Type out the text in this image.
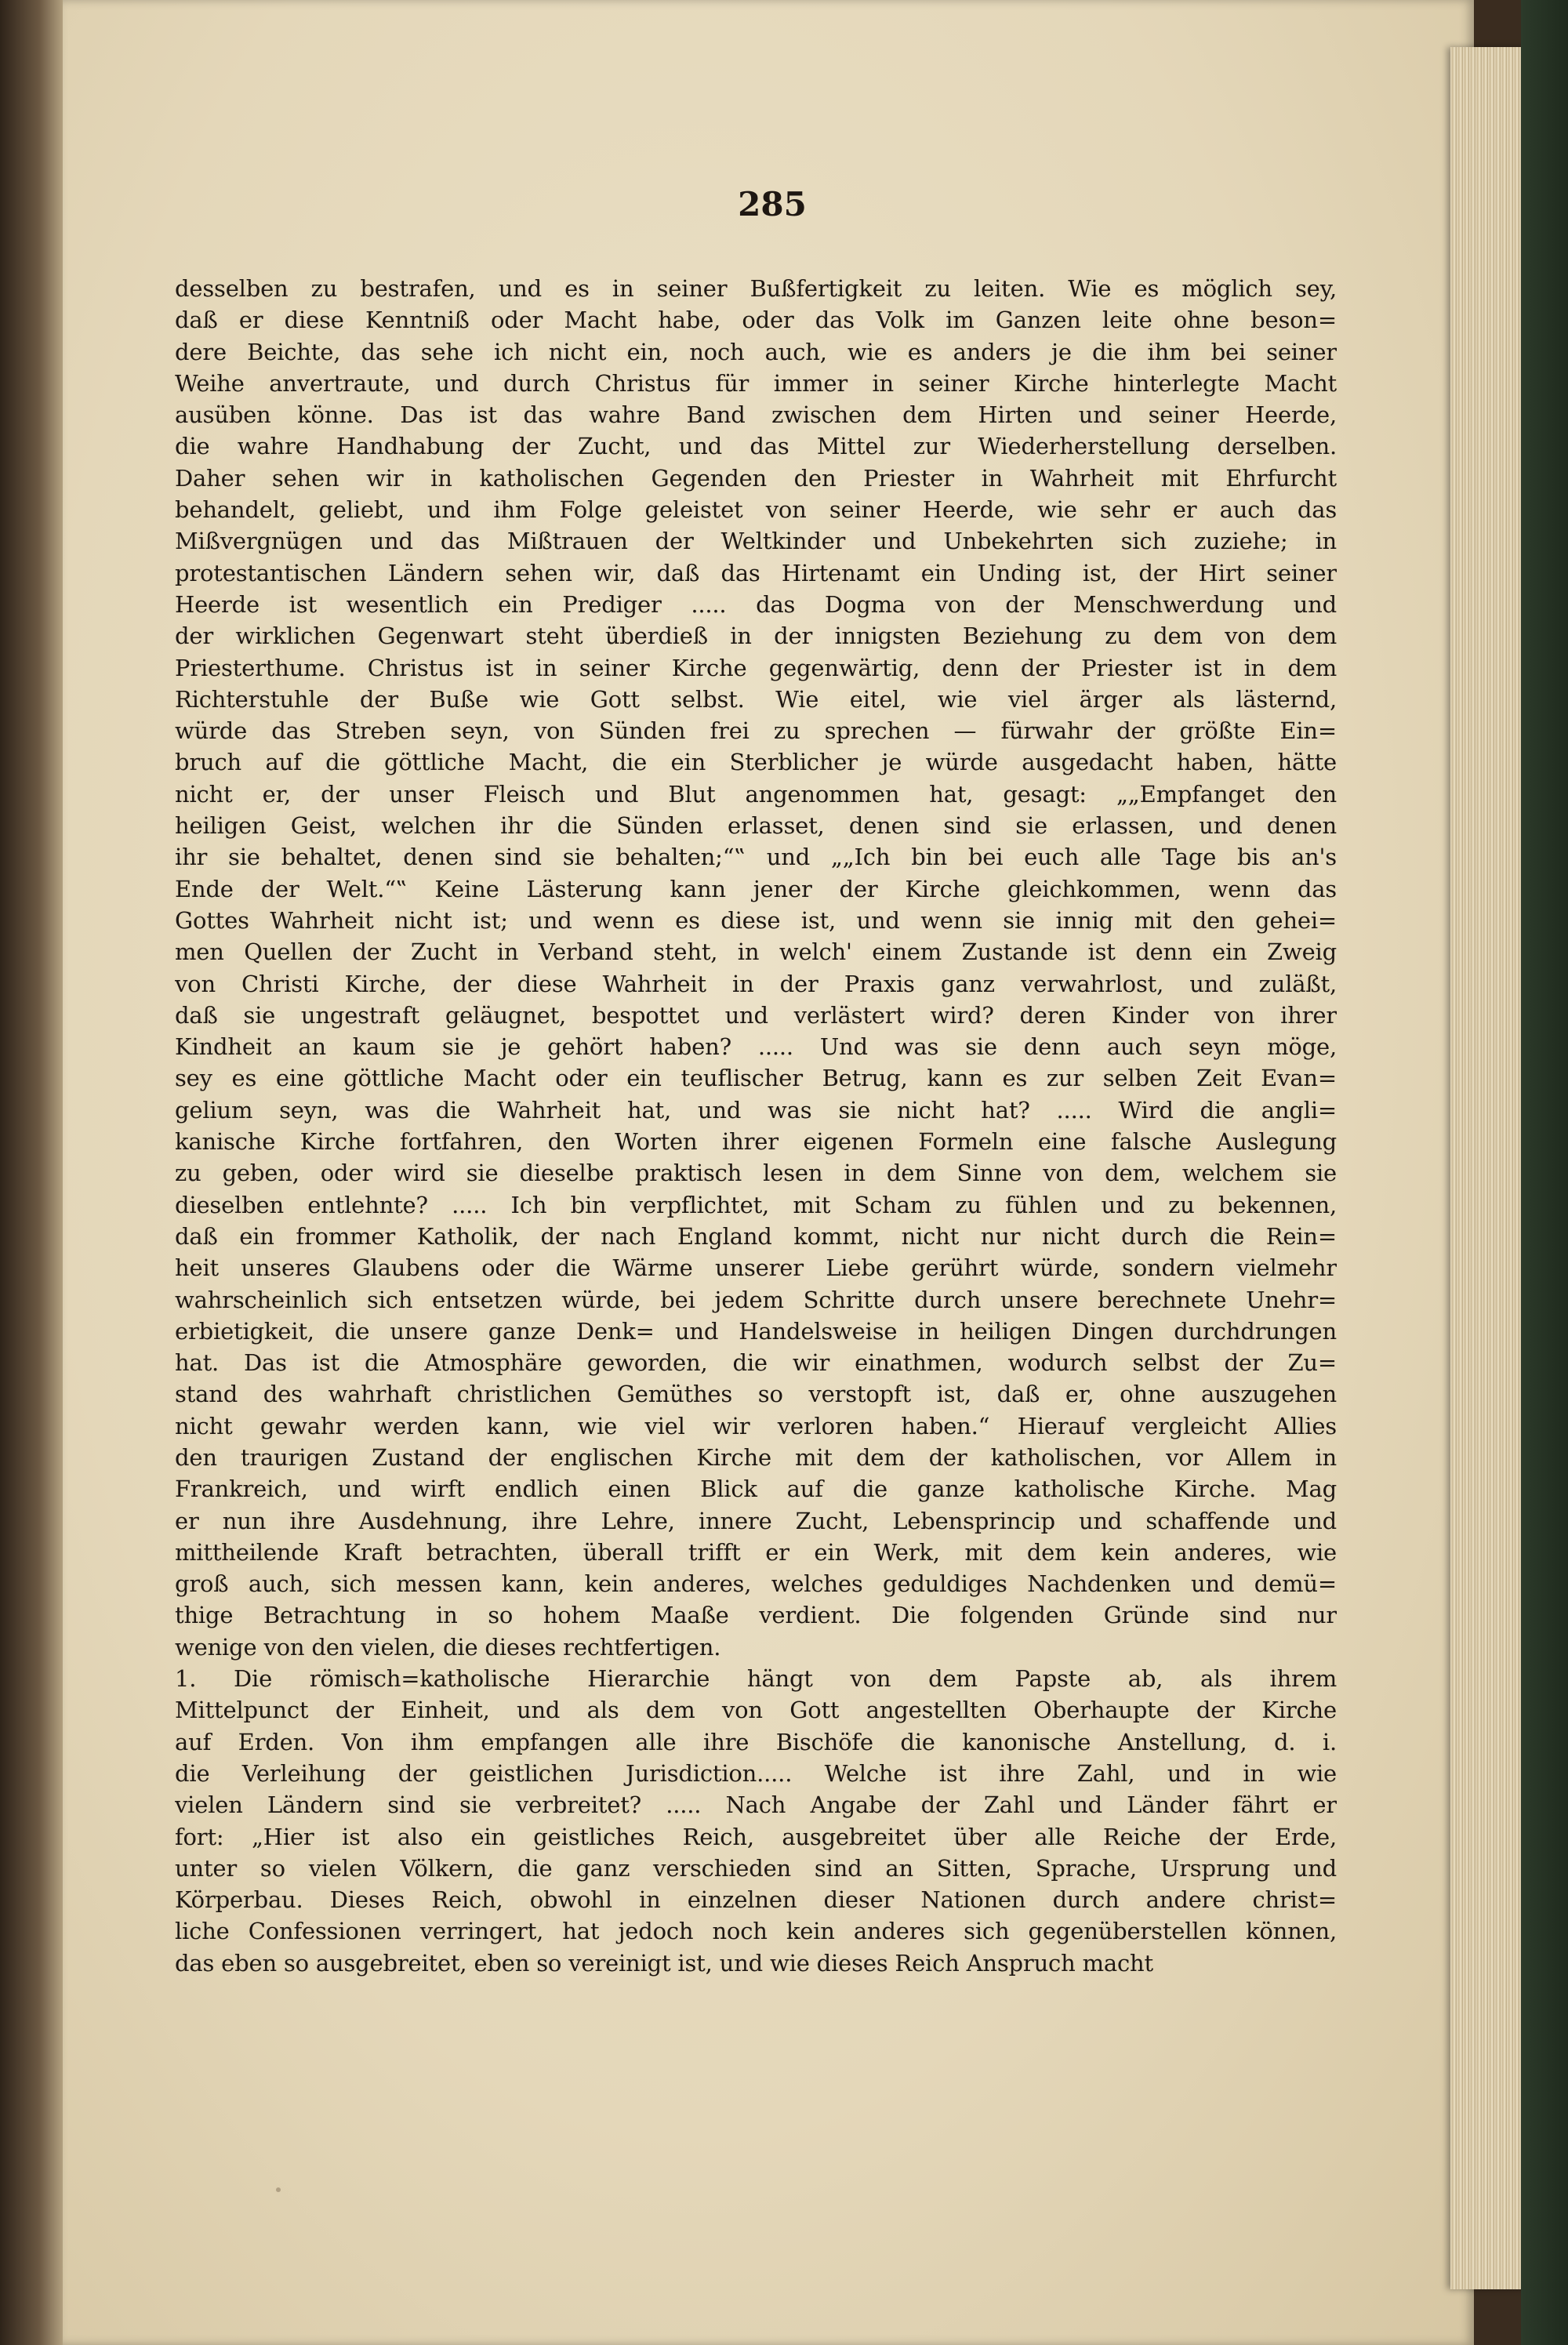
285
desselben zu bestrafen, und es in seiner Bußfertigkeit zu leiten. Wie es möglich sey,
daß er diese Kenntniß oder Macht habe, oder das Volk im Ganzen leite ohne beson=
dere Beichte, das sehe ich nicht ein, noch auch, wie es anders je die ihm bei seiner
Weihe anvertraute, und durch Christus für immer in seiner Kirche hinterlegte Macht
ausüben könne. Das ist das wahre Band zwischen dem Hirten und seiner Heerde,
die wahre Handhabung der Zucht, und das Mittel zur Wiederherstellung derselben.
Daher sehen wir in katholischen Gegenden den Priester in Wahrheit mit Ehrfurcht
behandelt, geliebt, und ihm Folge geleistet von seiner Heerde, wie sehr er auch das
Mißvergnügen und das Mißtrauen der Weltkinder und Unbekehrten sich zuziehe; in
protestantischen Ländern sehen wir, daß das Hirtenamt ein Unding ist, der Hirt seiner
Heerde ist wesentlich ein Prediger ..... das Dogma von der Menschwerdung und
der wirklichen Gegenwart steht überdieß in der innigsten Beziehung zu dem von dem
Priesterthume. Christus ist in seiner Kirche gegenwärtig, denn der Priester ist in dem
Richterstuhle der Buße wie Gott selbst. Wie eitel, wie viel ärger als lästernd,
würde das Streben seyn, von Sünden frei zu sprechen — fürwahr der größte Ein=
bruch auf die göttliche Macht, die ein Sterblicher je würde ausgedacht haben, hätte
nicht er, der unser Fleisch und Blut angenommen hat, gesagt: „„Empfanget den
heiligen Geist, welchen ihr die Sünden erlasset, denen sind sie erlassen, und denen
ihr sie behaltet, denen sind sie behalten;“‟ und „„Ich bin bei euch alle Tage bis an's
Ende der Welt.“‟ Keine Lästerung kann jener der Kirche gleichkommen, wenn das
Gottes Wahrheit nicht ist; und wenn es diese ist, und wenn sie innig mit den gehei=
men Quellen der Zucht in Verband steht, in welch' einem Zustande ist denn ein Zweig
von Christi Kirche, der diese Wahrheit in der Praxis ganz verwahrlost, und zuläßt,
daß sie ungestraft geläugnet, bespottet und verlästert wird? deren Kinder von ihrer
Kindheit an kaum sie je gehört haben? ..... Und was sie denn auch seyn möge,
sey es eine göttliche Macht oder ein teuflischer Betrug, kann es zur selben Zeit Evan=
gelium seyn, was die Wahrheit hat, und was sie nicht hat? ..... Wird die angli=
kanische Kirche fortfahren, den Worten ihrer eigenen Formeln eine falsche Auslegung
zu geben, oder wird sie dieselbe praktisch lesen in dem Sinne von dem, welchem sie
dieselben entlehnte? ..... Ich bin verpflichtet, mit Scham zu fühlen und zu bekennen,
daß ein frommer Katholik, der nach England kommt, nicht nur nicht durch die Rein=
heit unseres Glaubens oder die Wärme unserer Liebe gerührt würde, sondern vielmehr
wahrscheinlich sich entsetzen würde, bei jedem Schritte durch unsere berechnete Unehr=
erbietigkeit, die unsere ganze Denk= und Handelsweise in heiligen Dingen durchdrungen
hat. Das ist die Atmosphäre geworden, die wir einathmen, wodurch selbst der Zu=
stand des wahrhaft christlichen Gemüthes so verstopft ist, daß er, ohne auszugehen
nicht gewahr werden kann, wie viel wir verloren haben.“ Hierauf vergleicht Allies
den traurigen Zustand der englischen Kirche mit dem der katholischen, vor Allem in
Frankreich, und wirft endlich einen Blick auf die ganze katholische Kirche. Mag
er nun ihre Ausdehnung, ihre Lehre, innere Zucht, Lebensprincip und schaffende und
mittheilende Kraft betrachten, überall trifft er ein Werk, mit dem kein anderes, wie
groß auch, sich messen kann, kein anderes, welches geduldiges Nachdenken und demü=
thige Betrachtung in so hohem Maaße verdient. Die folgenden Gründe sind nur
wenige von den vielen, die dieses rechtfertigen.
1. Die römisch=katholische Hierarchie hängt von dem Papste ab, als ihrem
Mittelpunct der Einheit, und als dem von Gott angestellten Oberhaupte der Kirche
auf Erden. Von ihm empfangen alle ihre Bischöfe die kanonische Anstellung, d. i.
die Verleihung der geistlichen Jurisdiction..... Welche ist ihre Zahl, und in wie
vielen Ländern sind sie verbreitet? ..... Nach Angabe der Zahl und Länder fährt er
fort: „Hier ist also ein geistliches Reich, ausgebreitet über alle Reiche der Erde,
unter so vielen Völkern, die ganz verschieden sind an Sitten, Sprache, Ursprung und
Körperbau. Dieses Reich, obwohl in einzelnen dieser Nationen durch andere christ=
liche Confessionen verringert, hat jedoch noch kein anderes sich gegenüberstellen können,
das eben so ausgebreitet, eben so vereinigt ist, und wie dieses Reich Anspruch macht
